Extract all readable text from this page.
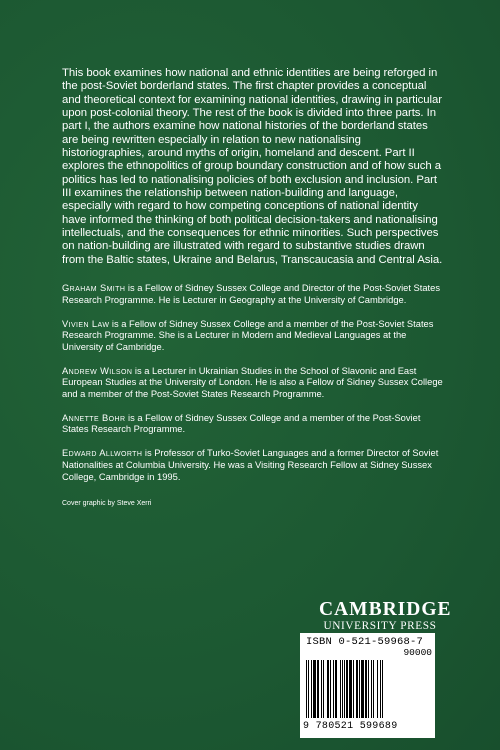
This book examines how national and ethnic identities are being reforged in the post-Soviet borderland states. The first chapter provides a conceptual and theoretical context for examining national identities, drawing in particular upon post-colonial theory. The rest of the book is divided into three parts. In part I, the authors examine how national histories of the borderland states are being rewritten especially in relation to new nationalising historiographies, around myths of origin, homeland and descent. Part II explores the ethnopolitics of group boundary construction and of how such a politics has led to nationalising policies of both exclusion and inclusion. Part III examines the relationship between nation-building and language, especially with regard to how competing conceptions of national identity have informed the thinking of both political decision-takers and nationalising intellectuals, and the consequences for ethnic minorities. Such perspectives on nation-building are illustrated with regard to substantive studies drawn from the Baltic states, Ukraine and Belarus, Transcaucasia and Central Asia.

Graham Smith is a Fellow of Sidney Sussex College and Director of the Post-Soviet States Research Programme. He is Lecturer in Geography at the University of Cambridge.

Vivien Law is a Fellow of Sidney Sussex College and a member of the Post-Soviet States Research Programme. She is a Lecturer in Modern and Medieval Languages at the University of Cambridge.

Andrew Wilson is a Lecturer in Ukrainian Studies in the School of Slavonic and East European Studies at the University of London. He is also a Fellow of Sidney Sussex College and a member of the Post-Soviet States Research Programme.

Annette Bohr is a Fellow of Sidney Sussex College and a member of the Post-Soviet States Research Programme.

Edward Allworth is Professor of Turko-Soviet Languages and a former Director of Soviet Nationalities at Columbia University. He was a Visiting Research Fellow at Sidney Sussex College, Cambridge in 1995.

Cover graphic by Steve Xerri
CAMBRIDGE
UNIVERSITY PRESS
ISBN 0-521-59968-7
90000
9 780521 599689
